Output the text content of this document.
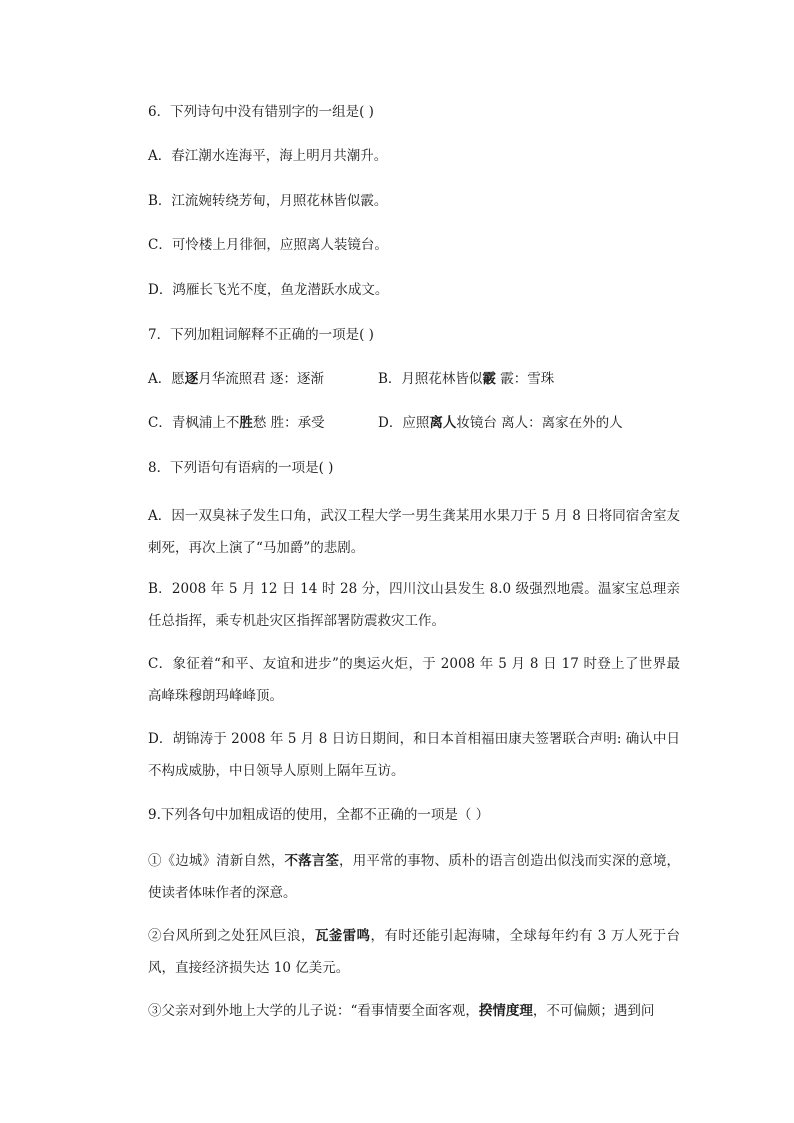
6．下列诗句中没有错别字的一组是( )
A．春江潮水连海平，海上明月共潮升。
B．江流婉转绕芳甸，月照花林皆似霰。
C．可怜楼上月徘徊，应照离人装镜台。
D．鸿雁长飞光不度，鱼龙潜跃水成文。
7．下列加粗词解释不正确的一项是( )
A．愿逐月华流照君 逐：逐渐	B．月照花林皆似霰 霰：雪珠
C．青枫浦上不胜愁 胜：承受	D．应照离人妆镜台 离人：离家在外的人
8．下列语句有语病的一项是( )
A．因一双臭袜子发生口角，武汉工程大学一男生龚某用水果刀于 5 月 8 日将同宿舍室友刺死，再次上演了“马加爵”的悲剧。
B．2008 年 5 月 12 日 14 时 28 分，四川汶山县发生 8.0 级强烈地震。温家宝总理亲任总指挥，乘专机赴灾区指挥部署防震救灾工作。
C．象征着“和平、友谊和进步”的奥运火炬，于 2008 年 5 月 8 日 17 时登上了世界最高峰珠穆朗玛峰峰顶。
D．胡锦涛于 2008 年 5 月 8 日访日期间，和日本首相福田康夫签署联合声明: 确认中日不构成威胁，中日领导人原则上隔年互访。
9.下列各句中加粗成语的使用，全都不正确的一项是（ ）
①《边城》清新自然，不落言筌，用平常的事物、质朴的语言创造出似浅而实深的意境，使读者体味作者的深意。
②台风所到之处狂风巨浪，瓦釜雷鸣，有时还能引起海啸，全球每年约有 3 万人死于台风，直接经济损失达 10 亿美元。
③父亲对到外地上大学的儿子说：“看事情要全面客观，揆情度理，不可偏颇；遇到问
